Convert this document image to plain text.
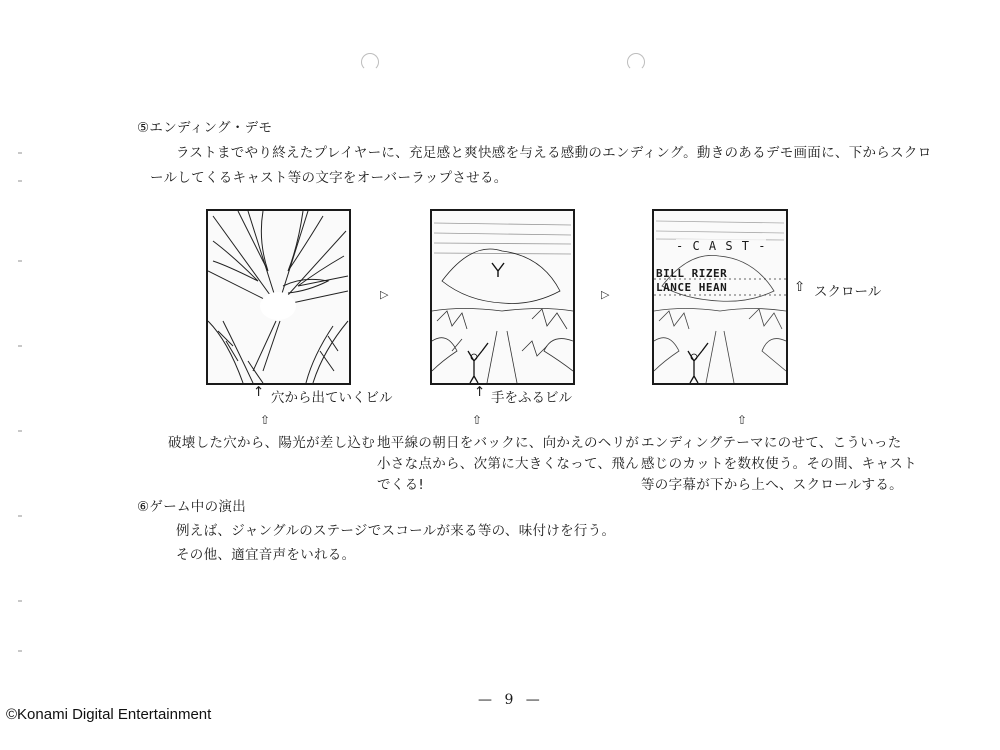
⑤エンディング・デモ
ラストまでやり終えたプレイヤーに、充足感と爽快感を与える感動のエンディング。動きのあるデモ画面に、下からスクロ
ールしてくるキャスト等の文字をオーバーラップさせる。
- C A S T -
BILL RIZER
LANCE HEAN
▷	▷	⇧ スクロール
↑ 穴から出ていくビル	↑ 手をふるビル
⇧	⇧	⇧
破壊した穴から、陽光が差し込む 地平線の朝日をバックに、向かえのヘリが
小さな点から、次第に大きくなって、飛ん
でくる!
エンディングテーマにのせて、こういった
感じのカットを数枚使う。その間、キャスト
等の字幕が下から上へ、スクロールする。
⑥ゲーム中の演出
例えば、ジャングルのステージでスコールが来る等の、味付けを行う。
その他、適宜音声をいれる。
— 9 —
©Konami Digital Entertainment
